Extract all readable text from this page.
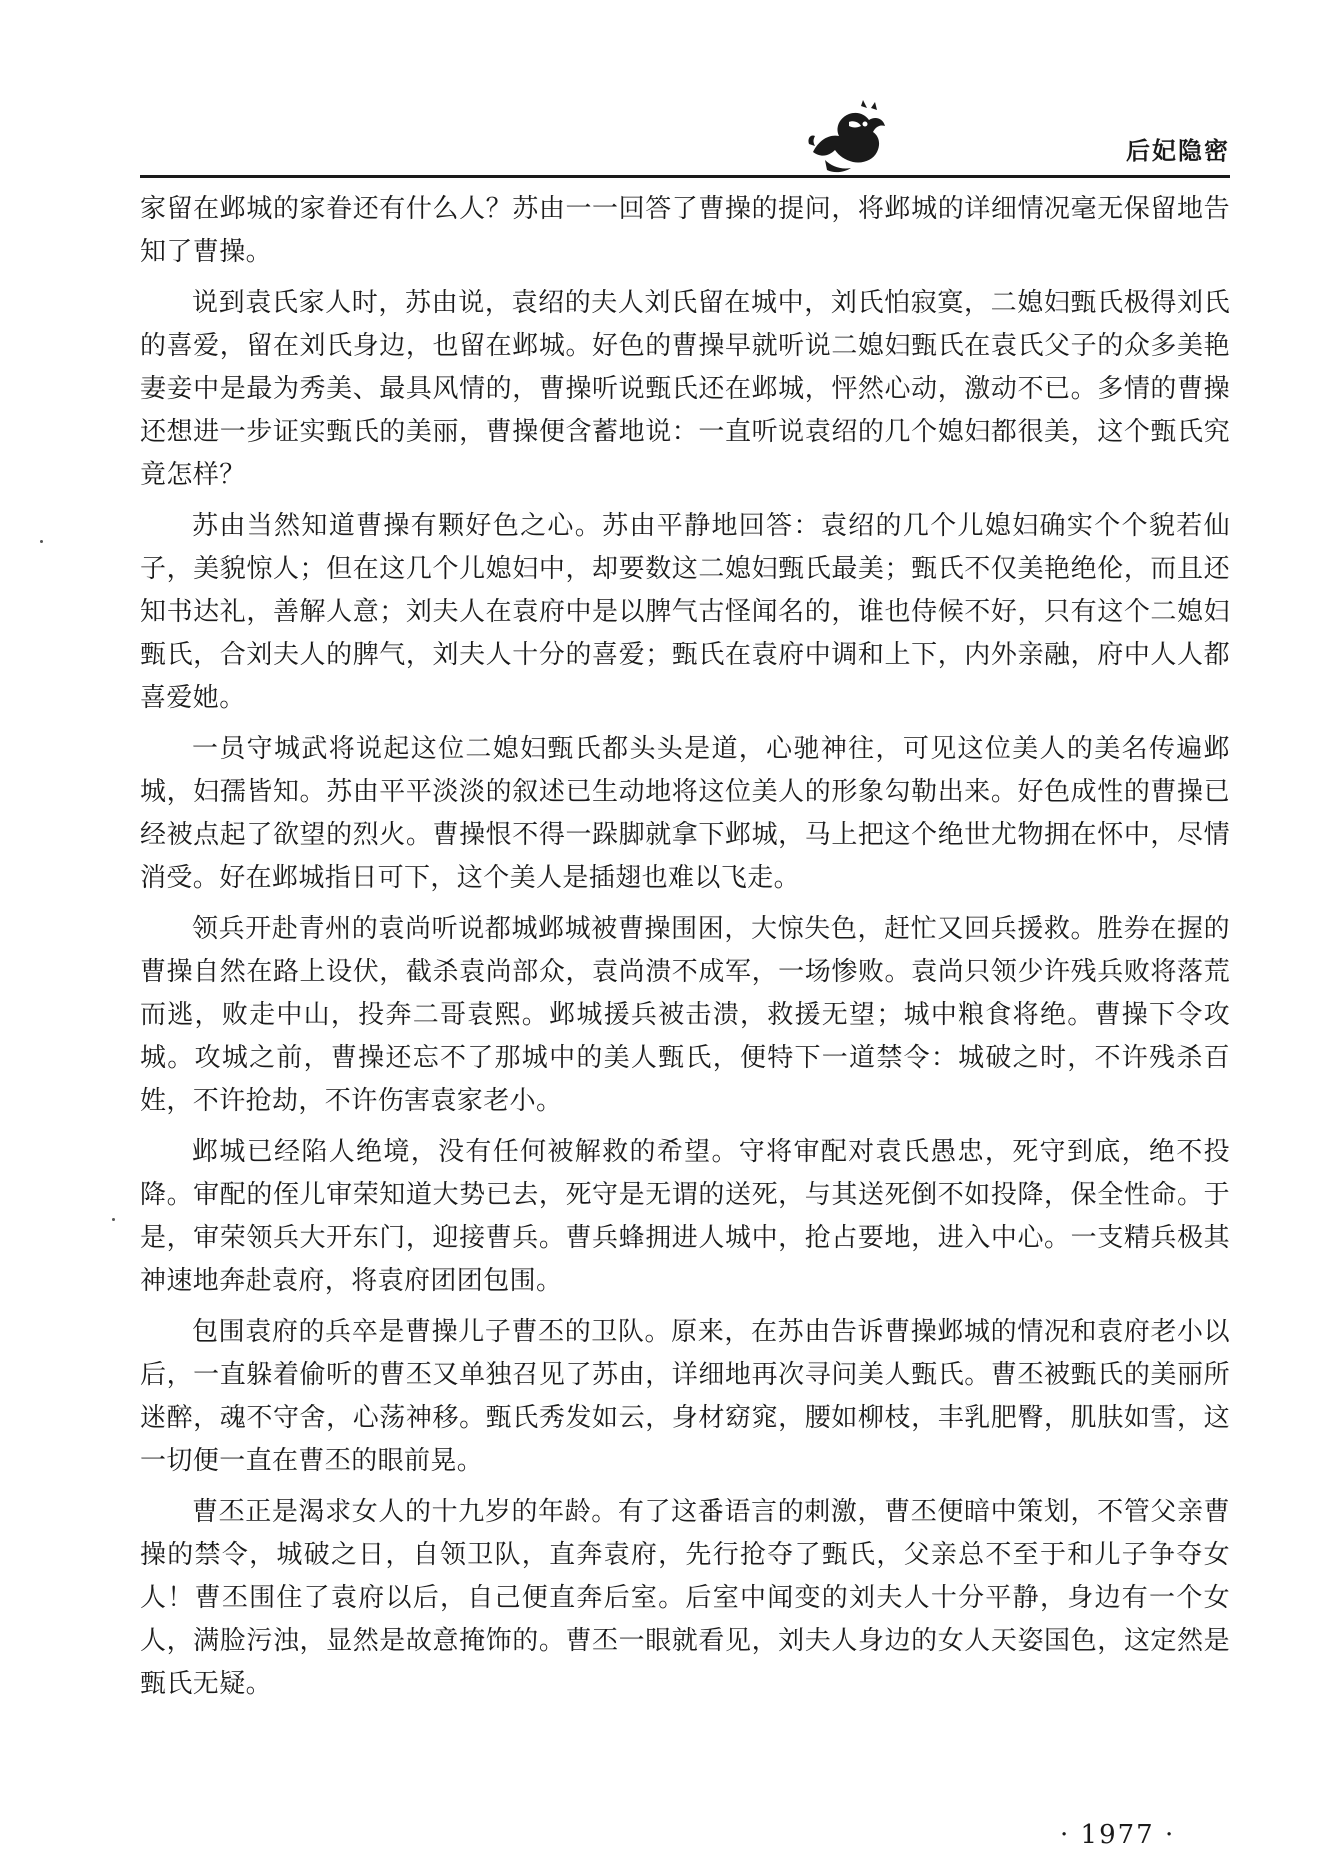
后妃隐密

家留在邺城的家眷还有什么人？苏由一一回答了曹操的提问，将邺城的详细情况毫无保留地告知了曹操。

说到袁氏家人时，苏由说，袁绍的夫人刘氏留在城中，刘氏怕寂寞，二媳妇甄氏极得刘氏的喜爱，留在刘氏身边，也留在邺城。好色的曹操早就听说二媳妇甄氏在袁氏父子的众多美艳妻妾中是最为秀美、最具风情的，曹操听说甄氏还在邺城，怦然心动，激动不已。多情的曹操还想进一步证实甄氏的美丽，曹操便含蓄地说：一直听说袁绍的几个媳妇都很美，这个甄氏究竟怎样？

苏由当然知道曹操有颗好色之心。苏由平静地回答：袁绍的几个儿媳妇确实个个貌若仙子，美貌惊人；但在这几个儿媳妇中，却要数这二媳妇甄氏最美；甄氏不仅美艳绝伦，而且还知书达礼，善解人意；刘夫人在袁府中是以脾气古怪闻名的，谁也侍候不好，只有这个二媳妇甄氏，合刘夫人的脾气，刘夫人十分的喜爱；甄氏在袁府中调和上下，内外亲融，府中人人都喜爱她。

一员守城武将说起这位二媳妇甄氏都头头是道，心驰神往，可见这位美人的美名传遍邺城，妇孺皆知。苏由平平淡淡的叙述已生动地将这位美人的形象勾勒出来。好色成性的曹操已经被点起了欲望的烈火。曹操恨不得一跺脚就拿下邺城，马上把这个绝世尤物拥在怀中，尽情消受。好在邺城指日可下，这个美人是插翅也难以飞走。

领兵开赴青州的袁尚听说都城邺城被曹操围困，大惊失色，赶忙又回兵援救。胜券在握的曹操自然在路上设伏，截杀袁尚部众，袁尚溃不成军，一场惨败。袁尚只领少许残兵败将落荒而逃，败走中山，投奔二哥袁熙。邺城援兵被击溃，救援无望；城中粮食将绝。曹操下令攻城。攻城之前，曹操还忘不了那城中的美人甄氏，便特下一道禁令：城破之时，不许残杀百姓，不许抢劫，不许伤害袁家老小。

邺城已经陷人绝境，没有任何被解救的希望。守将审配对袁氏愚忠，死守到底，绝不投降。审配的侄儿审荣知道大势已去，死守是无谓的送死，与其送死倒不如投降，保全性命。于是，审荣领兵大开东门，迎接曹兵。曹兵蜂拥进人城中，抢占要地，进入中心。一支精兵极其神速地奔赴袁府，将袁府团团包围。

包围袁府的兵卒是曹操儿子曹丕的卫队。原来，在苏由告诉曹操邺城的情况和袁府老小以后，一直躲着偷听的曹丕又单独召见了苏由，详细地再次寻问美人甄氏。曹丕被甄氏的美丽所迷醉，魂不守舍，心荡神移。甄氏秀发如云，身材窈窕，腰如柳枝，丰乳肥臀，肌肤如雪，这一切便一直在曹丕的眼前晃。

曹丕正是渴求女人的十九岁的年龄。有了这番语言的刺激，曹丕便暗中策划，不管父亲曹操的禁令，城破之日，自领卫队，直奔袁府，先行抢夺了甄氏，父亲总不至于和儿子争夺女人！曹丕围住了袁府以后，自己便直奔后室。后室中闻变的刘夫人十分平静，身边有一个女人，满脸污浊，显然是故意掩饰的。曹丕一眼就看见，刘夫人身边的女人天姿国色，这定然是甄氏无疑。

· 1977 ·
